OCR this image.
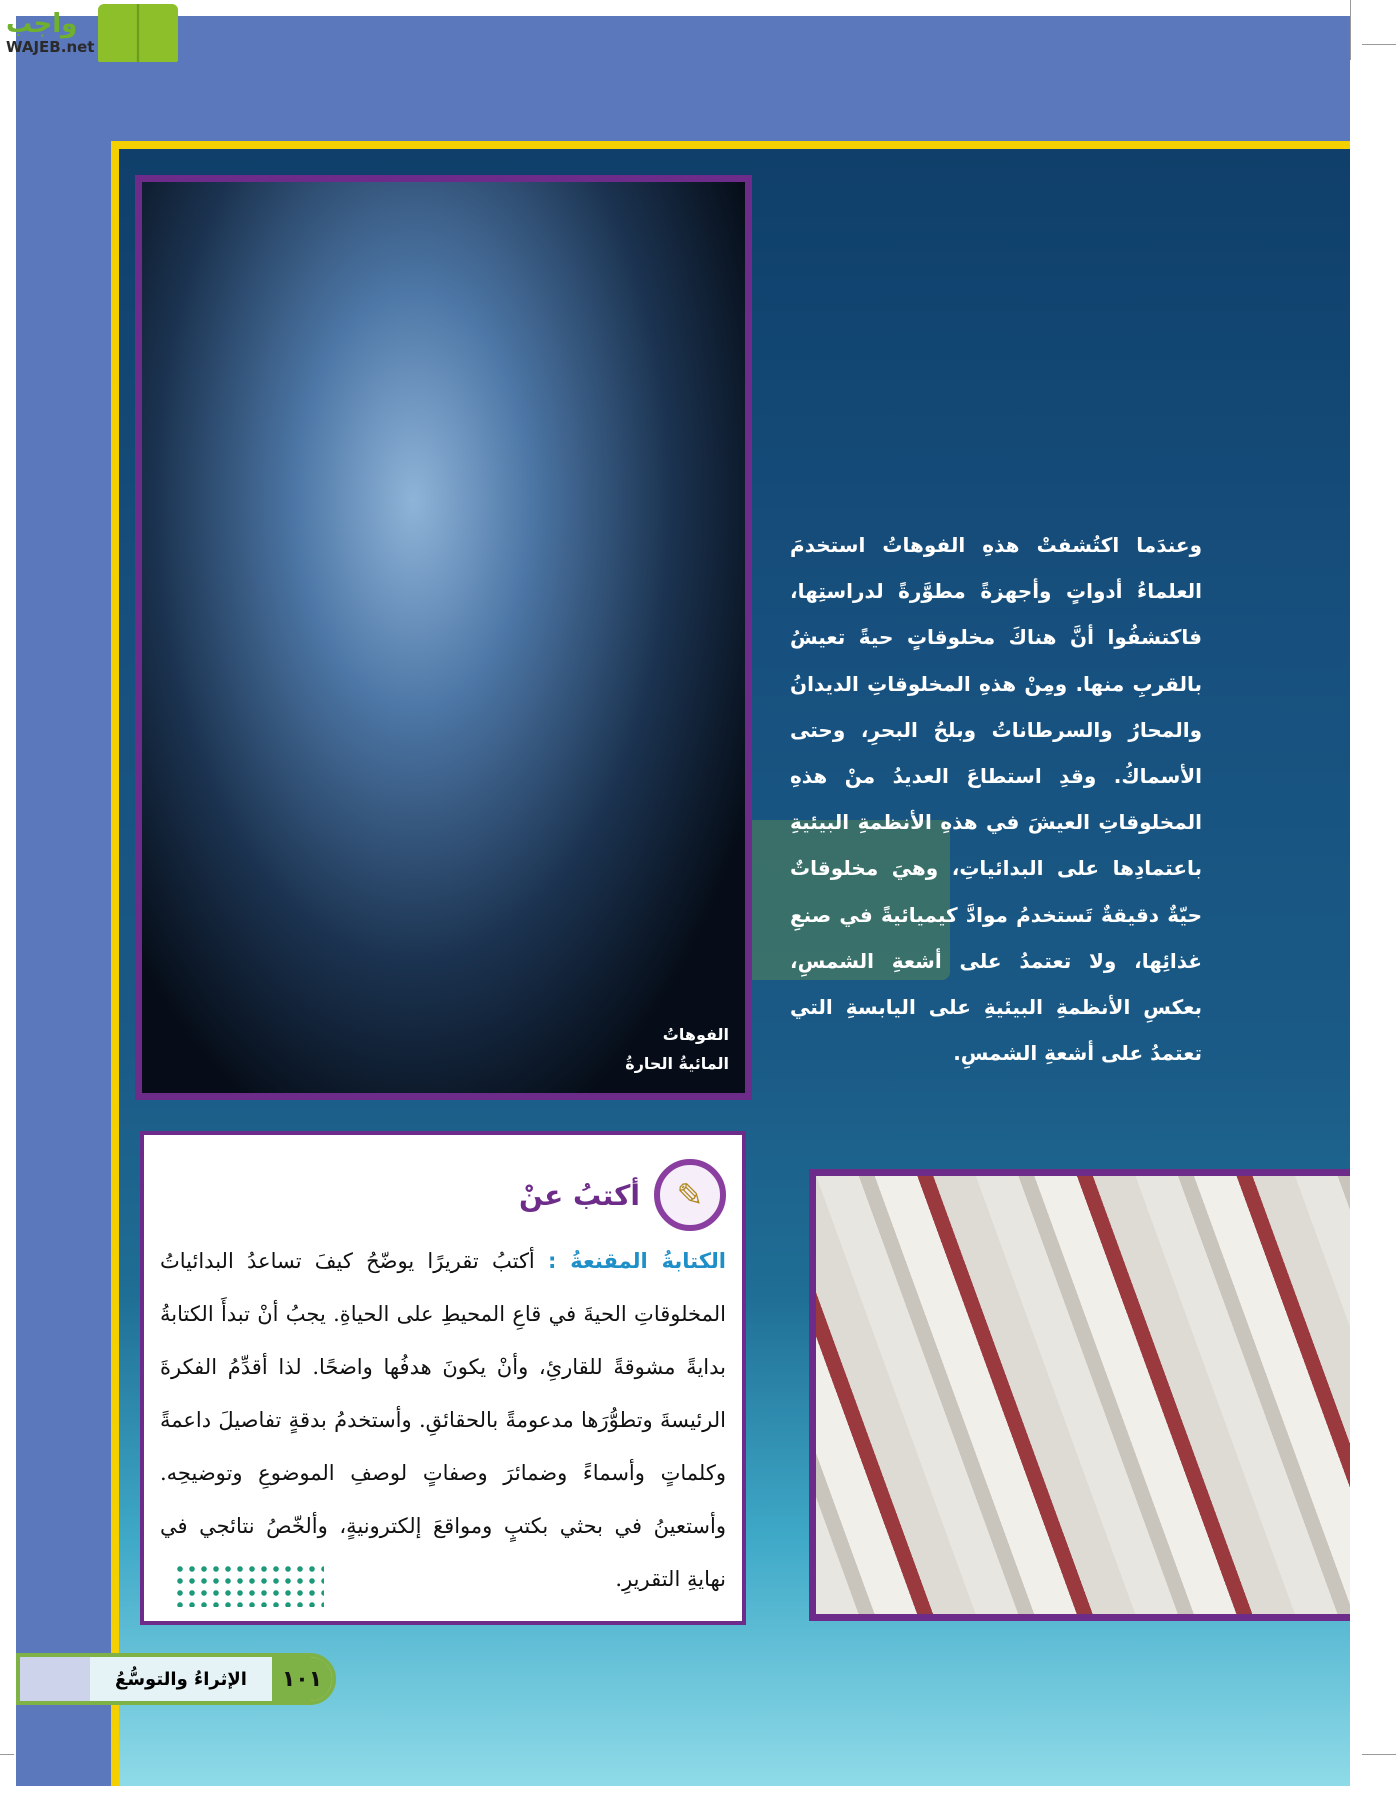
واجب
WAJEB.net
الفوهاتُ
المائيةُ الحارةُ
وعندَما اكتُشفتْ هذهِ الفوهاتُ استخدمَ العلماءُ أدواتٍ وأجهزةً مطوَّرةً لدراستِها، فاكتشفُوا أنَّ هناكَ مخلوقاتٍ حيةً تعيشُ بالقربِ منها. ومِنْ هذهِ المخلوقاتِ الديدانُ والمحارُ والسرطاناتُ وبلحُ البحرِ، وحتى الأسماكُ. وقدِ استطاعَ العديدُ منْ هذهِ المخلوقاتِ العيشَ في هذهِ الأنظمةِ البيئيةِ باعتمادِها على البدائياتِ، وهيَ مخلوقاتٌ حيّةٌ دقيقةٌ تَستخدمُ موادَّ كيميائيةً في صنعِ غذائِها، ولا تعتمدُ على أشعةِ الشمسِ، بعكسِ الأنظمةِ البيئيةِ على اليابسةِ التي تعتمدُ على أشعةِ الشمسِ.
✎
أكتبُ عنْ
الكتابةُ المقنعةُ : أكتبُ تقريرًا يوضّحُ كيفَ تساعدُ البدائياتُ المخلوقاتِ الحيةَ في قاعِ المحيطِ على الحياةِ. يجبُ أنْ تبدأَ الكتابةُ بدايةً مشوقةً للقارئِ، وأنْ يكونَ هدفُها واضحًا. لذا أقدِّمُ الفكرةَ الرئيسةَ وتطوُّرَها مدعومةً بالحقائقِ. وأستخدمُ بدقةٍ تفاصيلَ داعمةً وكلماتٍ وأسماءً وضمائرَ وصفاتٍ لوصفِ الموضوعِ وتوضيحِه. وأستعينُ في بحثي بكتبٍ ومواقعَ إلكترونيةٍ، وألخّصُ نتائجي في نهايةِ التقريرِ.
١٠١
الإثراءُ والتوسُّعُ
